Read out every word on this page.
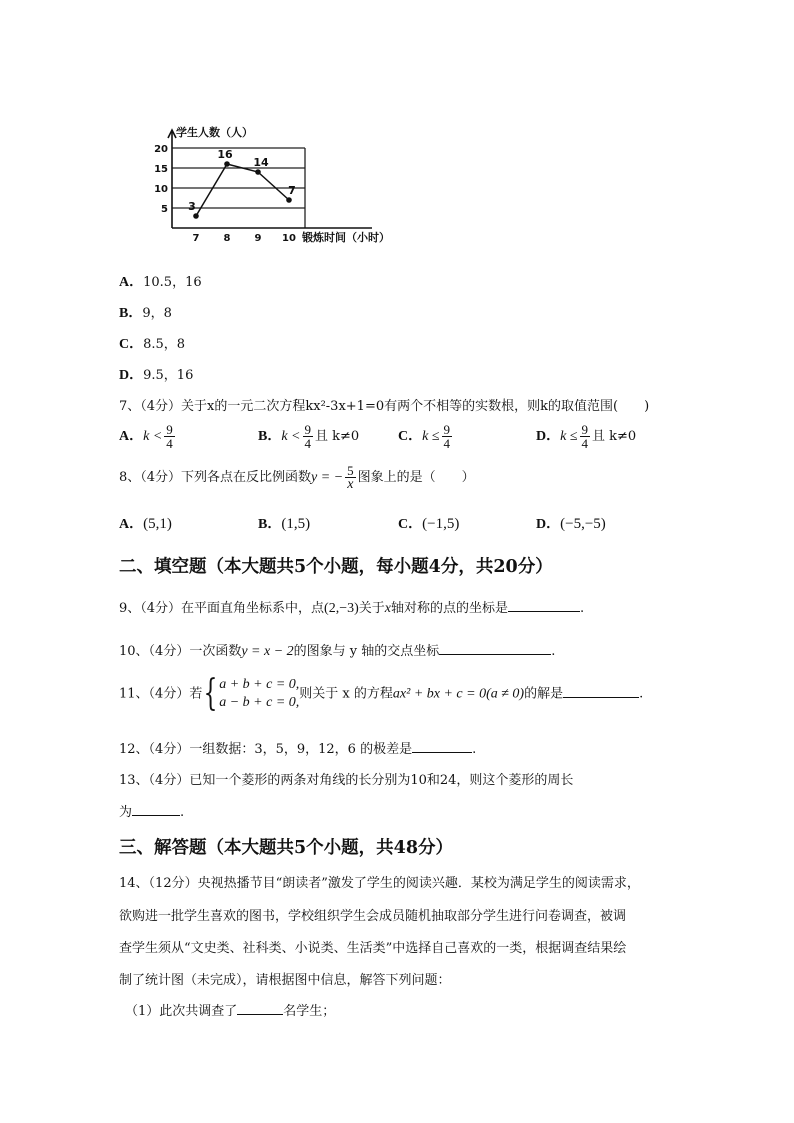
5
10
15
20
学生人数（人）
锻炼时间（小时）
7 8 9 10
3
16
14
7
A．10.5，16
B．9，8
C．8.5，8
D．9.5，16
7、（4分）关于x的一元二次方程kx²-3x+1=0有两个不相等的实数根，则k的取值范围(　　)
A．$k < \frac{9}{4}$	B．$k < \frac{9}{4}$ 且 k≠0	C．$k \le \frac{9}{4}$	D．$k \le \frac{9}{4}$ 且 k≠0
8、（4分）下列各点在反比例函数y = − $\frac{5}{x}$ 图象上的是（　　）
A．(5,1)	B．(1,5)	C．(−1,5)	D．(−5,−5)
二、填空题（本大题共5个小题，每小题4分，共20分）
9、（4分）在平面直角坐标系中，点(2,−3)关于x轴对称的点的坐标是	.
10、（4分）一次函数y = x − 2的图象与 y 轴的交点坐标	.
11、（4分）若{ a + b + c = 0,
a − b + c = 0,
则关于 x 的方程ax² + bx + c = 0(a ≠ 0)的解是	.
12、（4分）一组数据：3，5，9，12，6 的极差是	.
13、（4分）已知一个菱形的两条对角线的长分别为10和24，则这个菱形的周长
为	.
三、解答题（本大题共5个小题，共48分）
14、（12分）央视热播节目“朗读者”激发了学生的阅读兴趣．某校为满足学生的阅读需求，
欲购进一批学生喜欢的图书，学校组织学生会成员随机抽取部分学生进行问卷调查，被调
查学生须从“文史类、社科类、小说类、生活类”中选择自己喜欢的一类，根据调查结果绘
制了统计图（未完成），请根据图中信息，解答下列问题：
（1）此次共调查了	名学生；
